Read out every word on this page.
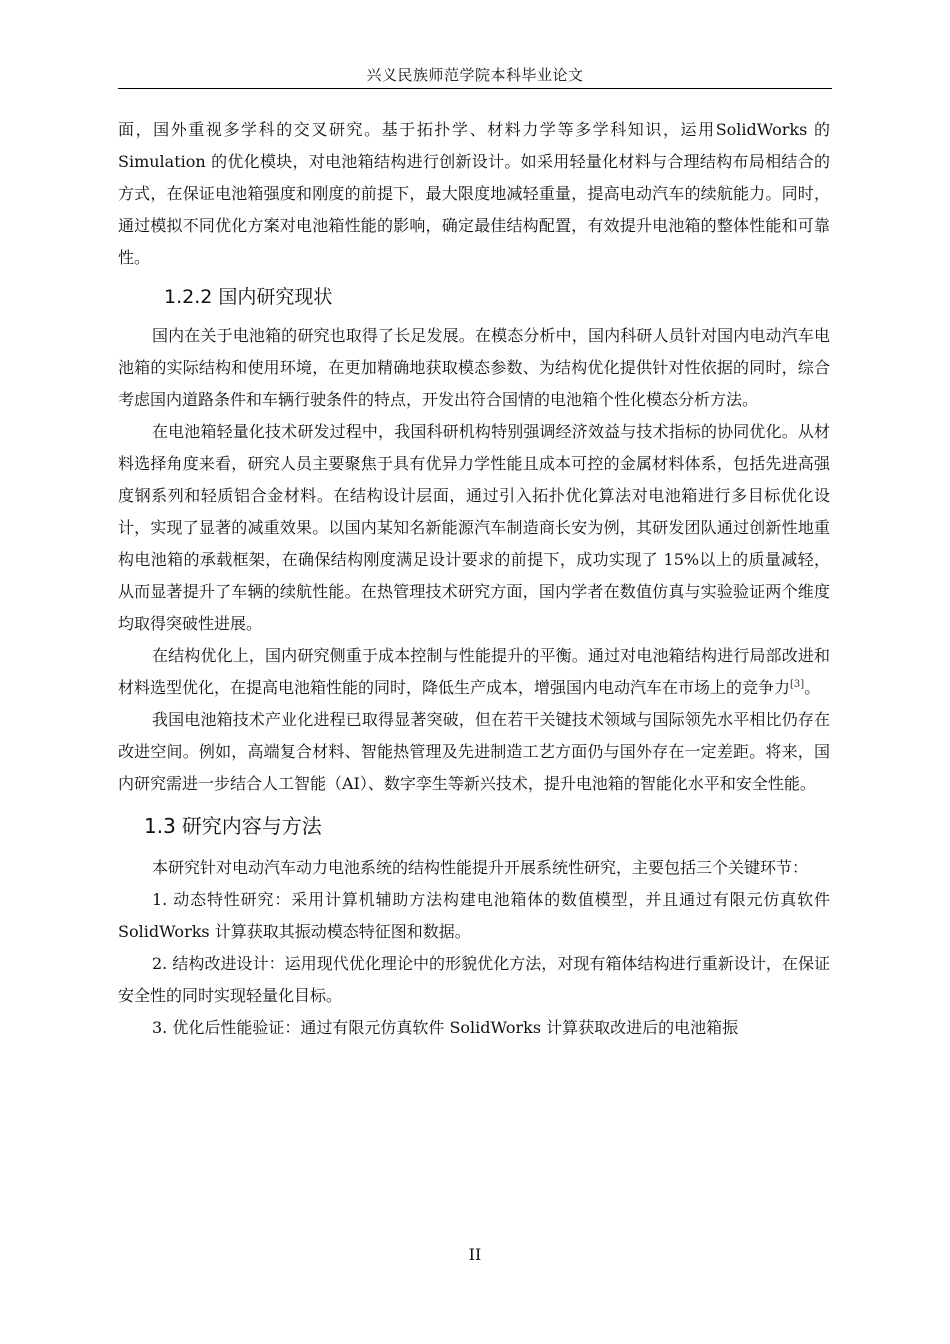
兴义民族师范学院本科毕业论文

面，国外重视多学科的交叉研究。基于拓扑学、材料力学等多学科知识，运用SolidWorks 的 Simulation 的优化模块，对电池箱结构进行创新设计。如采用轻量化材料与合理结构布局相结合的方式，在保证电池箱强度和刚度的前提下，最大限度地减轻重量，提高电动汽车的续航能力。同时，通过模拟不同优化方案对电池箱性能的影响，确定最佳结构配置，有效提升电池箱的整体性能和可靠性。

1.2.2 国内研究现状

国内在关于电池箱的研究也取得了长足发展。在模态分析中，国内科研人员针对国内电动汽车电池箱的实际结构和使用环境，在更加精确地获取模态参数、为结构优化提供针对性依据的同时，综合考虑国内道路条件和车辆行驶条件的特点，开发出符合国情的电池箱个性化模态分析方法。

在电池箱轻量化技术研发过程中，我国科研机构特别强调经济效益与技术指标的协同优化。从材料选择角度来看，研究人员主要聚焦于具有优异力学性能且成本可控的金属材料体系，包括先进高强度钢系列和轻质铝合金材料。在结构设计层面，通过引入拓扑优化算法对电池箱进行多目标优化设计，实现了显著的减重效果。以国内某知名新能源汽车制造商长安为例，其研发团队通过创新性地重构电池箱的承载框架，在确保结构刚度满足设计要求的前提下，成功实现了 15%以上的质量减轻，从而显著提升了车辆的续航性能。在热管理技术研究方面，国内学者在数值仿真与实验验证两个维度均取得突破性进展。

在结构优化上，国内研究侧重于成本控制与性能提升的平衡。通过对电池箱结构进行局部改进和材料选型优化，在提高电池箱性能的同时，降低生产成本，增强国内电动汽车在市场上的竞争力[3]。

我国电池箱技术产业化进程已取得显著突破，但在若干关键技术领域与国际领先水平相比仍存在改进空间。例如，高端复合材料、智能热管理及先进制造工艺方面仍与国外存在一定差距。将来，国内研究需进一步结合人工智能（AI）、数字孪生等新兴技术，提升电池箱的智能化水平和安全性能。

1.3 研究内容与方法

本研究针对电动汽车动力电池系统的结构性能提升开展系统性研究，主要包括三个关键环节：

1. 动态特性研究：采用计算机辅助方法构建电池箱体的数值模型，并且通过有限元仿真软件 SolidWorks 计算获取其振动模态特征图和数据。

2. 结构改进设计：运用现代优化理论中的形貌优化方法，对现有箱体结构进行重新设计，在保证安全性的同时实现轻量化目标。

3. 优化后性能验证：通过有限元仿真软件 SolidWorks 计算获取改进后的电池箱振

II
